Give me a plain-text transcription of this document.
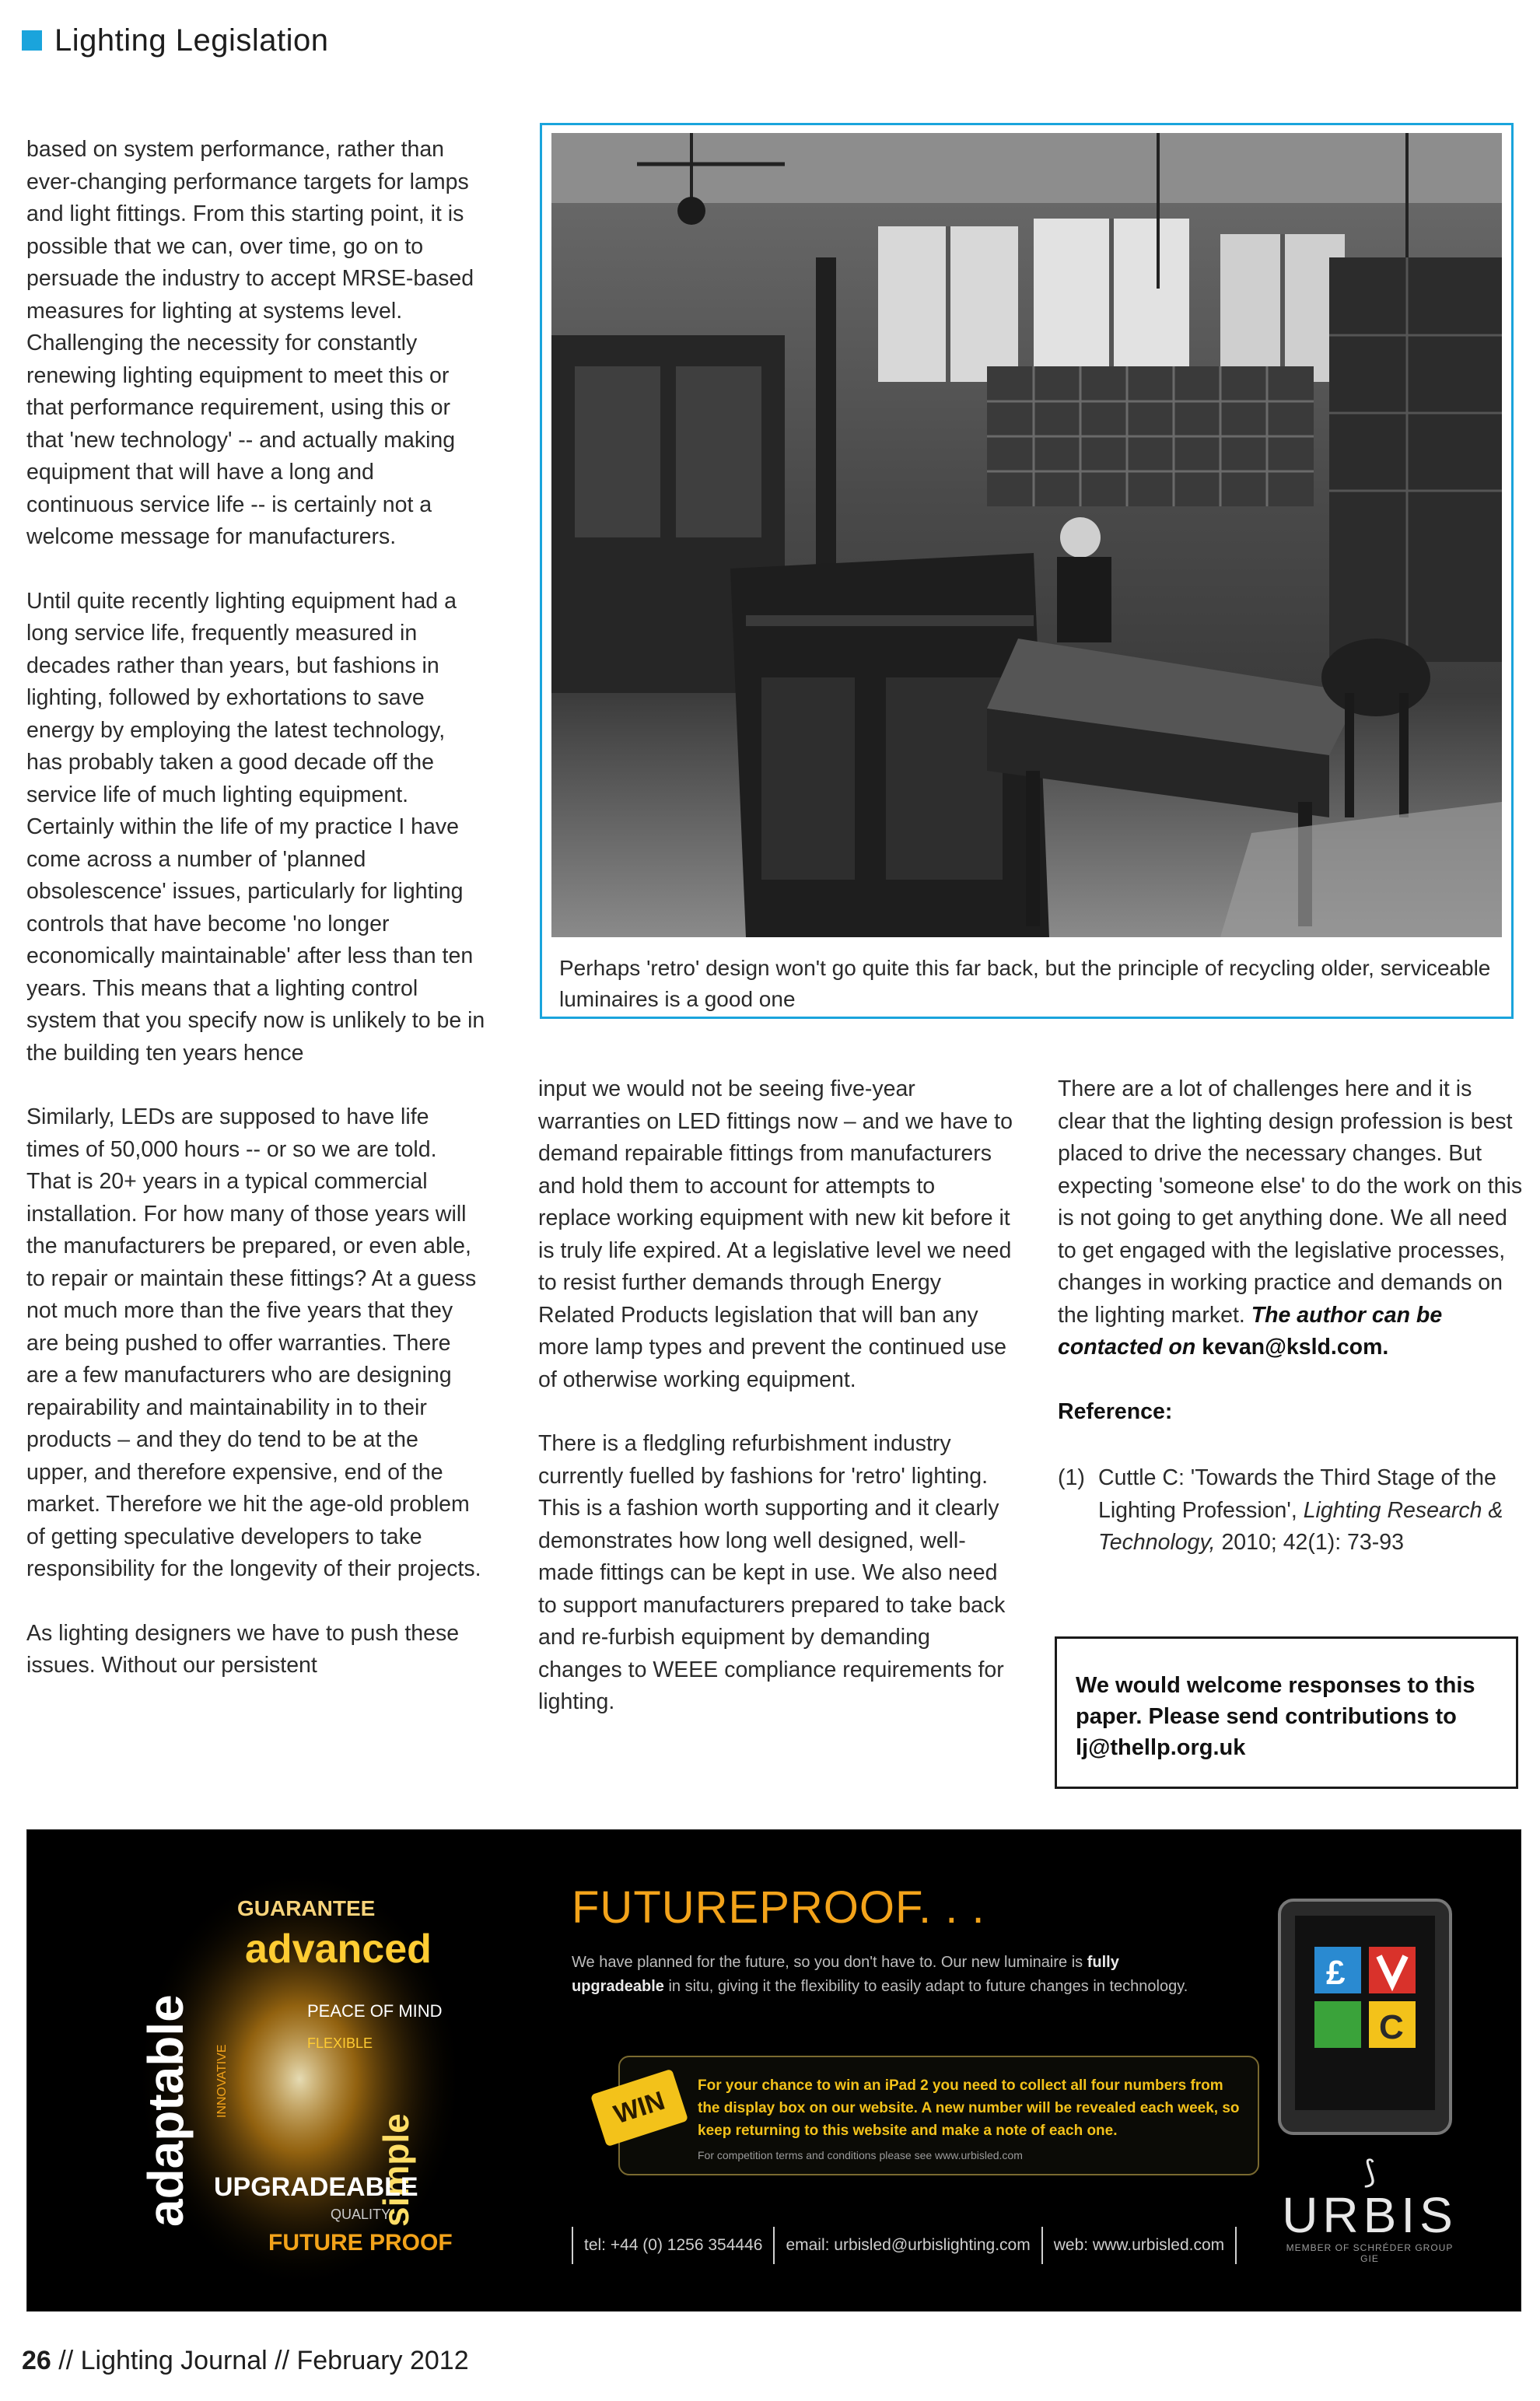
Lighting Legislation

based on system performance, rather than ever-changing performance targets for lamps and light fittings. From this starting point, it is possible that we can, over time, go on to persuade the industry to accept MRSE-based measures for lighting at systems level. Challenging the necessity for constantly renewing lighting equipment to meet this or that performance requirement, using this or that 'new technology' -- and actually making equipment that will have a long and continuous service life -- is certainly not a welcome message for manufacturers.

Until quite recently lighting equipment had a long service life, frequently measured in decades rather than years, but fashions in lighting, followed by exhortations to save energy by employing the latest technology, has probably taken a good decade off the service life of much lighting equipment. Certainly within the life of my practice I have come across a number of 'planned obsolescence' issues, particularly for lighting controls that have become 'no longer economically maintainable' after less than ten years. This means that a lighting control system that you specify now is unlikely to be in the building ten years hence

Similarly, LEDs are supposed to have life times of 50,000 hours -- or so we are told. That is 20+ years in a typical commercial installation. For how many of those years will the manufacturers be prepared, or even able, to repair or maintain these fittings? At a guess not much more than the five years that they are being pushed to offer warranties. There are a few manufacturers who are designing repairability and maintainability in to their products – and they do tend to be at the upper, and therefore expensive, end of the market. Therefore we hit the age-old problem of getting speculative developers to take responsibility for the longevity of their projects.

As lighting designers we have to push these issues. Without our persistent

Perhaps 'retro' design won't go quite this far back, but the principle of recycling older, serviceable luminaires is a good one

input we would not be seeing five-year warranties on LED fittings now – and we have to demand repairable fittings from manufacturers and hold them to account for attempts to replace working equipment with new kit before it is truly life expired. At a legislative level we need to resist further demands through Energy Related Products legislation that will ban any more lamp types and prevent the continued use of otherwise working equipment.

There is a fledgling refurbishment industry currently fuelled by fashions for 'retro' lighting. This is a fashion worth supporting and it clearly demonstrates how long well designed, well-made fittings can be kept in use. We also need to support manufacturers prepared to take back and re-furbish equipment by demanding changes to WEEE compliance requirements for lighting.

There are a lot of challenges here and it is clear that the lighting design profession is best placed to drive the necessary changes. But expecting 'someone else' to do the work on this is not going to get anything done. We all need to get engaged with the legislative processes, changes in working practice and demands on the lighting market. The author can be contacted on kevan@ksld.com.

Reference:
(1) Cuttle C: 'Towards the Third Stage of the Lighting Profession', Lighting Research & Technology, 2010; 42(1): 73-93
We would welcome responses to this paper. Please send contributions to lj@thellp.org.uk
GUARANTEE
advanced
adaptable	PEACE OF MIND
INNOVATIVE
simple
FLEXIBLE
UPGRADEABLE
QUALITY
FUTURE PROOF
FUTUREPROOF. . .
We have planned for the future, so you don't have to. Our new luminaire is fully upgradeable in situ, giving it the flexibility to easily adapt to future changes in technology.
WIN
For your chance to win an iPad 2 you need to collect all four numbers from the display box on our website. A new number will be revealed each week, so keep returning to this website and make a note of each one.
For competition terms and conditions please see www.urbisled.com
tel: +44 (0) 1256 354446 email: urbisled@urbislighting.com web: www.urbisled.com
£
C
⟆
URBIS
MEMBER OF SCHRÉDER GROUP GIE
26 // Lighting Journal // February 2012
